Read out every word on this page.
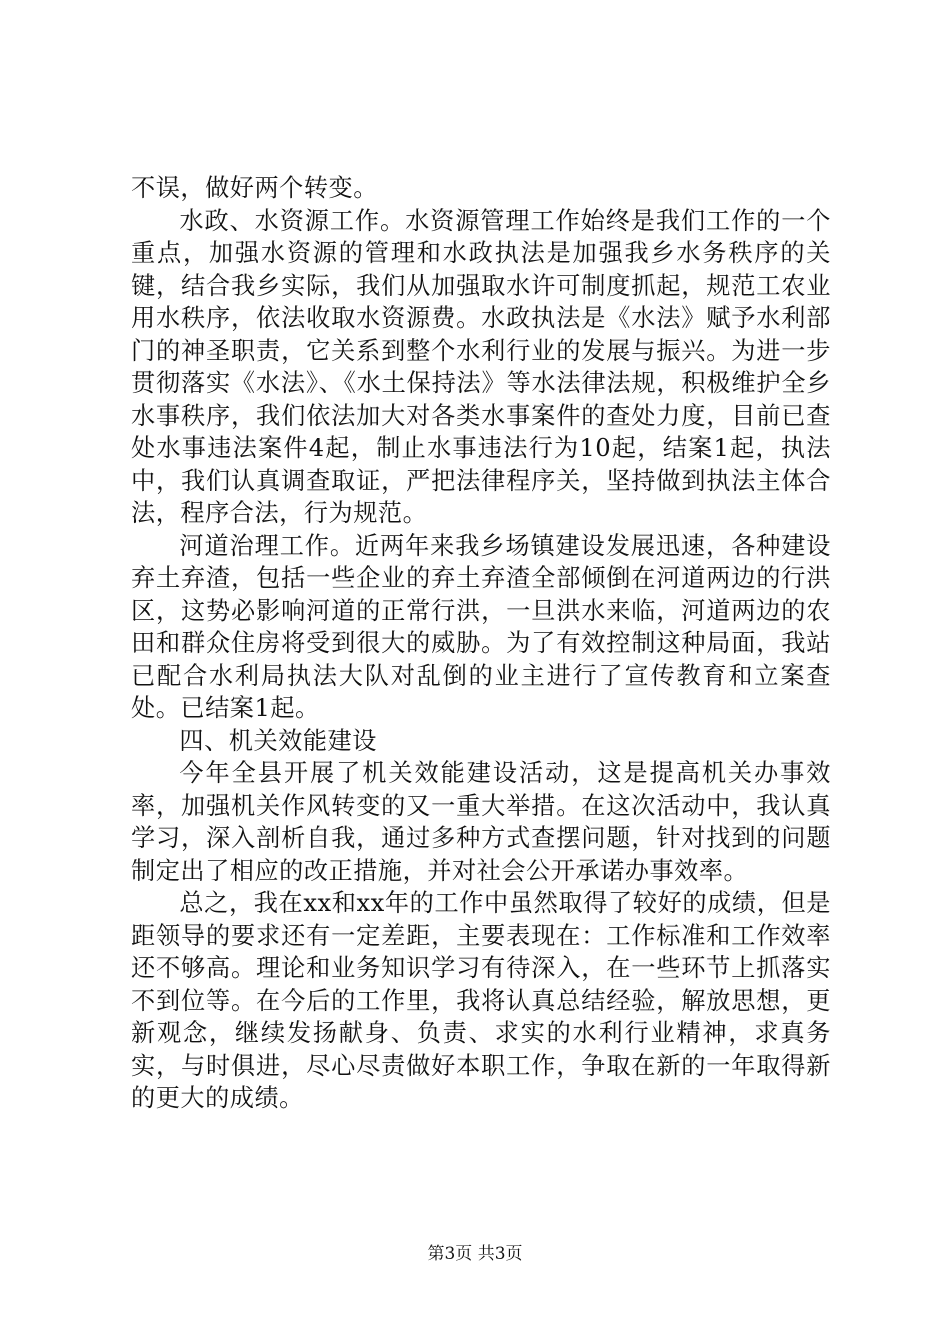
不误，做好两个转变。

水政、水资源工作。水资源管理工作始终是我们工作的一个重点，加强水资源的管理和水政执法是加强我乡水务秩序的关键，结合我乡实际，我们从加强取水许可制度抓起，规范工农业用水秩序，依法收取水资源费。水政执法是《水法》赋予水利部门的神圣职责，它关系到整个水利行业的发展与振兴。为进一步贯彻落实《水法》、《水土保持法》等水法律法规，积极维护全乡水事秩序，我们依法加大对各类水事案件的查处力度，目前已查处水事违法案件4起，制止水事违法行为10起，结案1起，执法中，我们认真调查取证，严把法律程序关，坚持做到执法主体合法，程序合法，行为规范。

河道治理工作。近两年来我乡场镇建设发展迅速，各种建设弃土弃渣，包括一些企业的弃土弃渣全部倾倒在河道两边的行洪区，这势必影响河道的正常行洪，一旦洪水来临，河道两边的农田和群众住房将受到很大的威胁。为了有效控制这种局面，我站已配合水利局执法大队对乱倒的业主进行了宣传教育和立案查处。已结案1起。

四、机关效能建设

今年全县开展了机关效能建设活动，这是提高机关办事效率，加强机关作风转变的又一重大举措。在这次活动中，我认真学习，深入剖析自我，通过多种方式查摆问题，针对找到的问题制定出了相应的改正措施，并对社会公开承诺办事效率。

总之，我在xx和xx年的工作中虽然取得了较好的成绩，但是距领导的要求还有一定差距，主要表现在：工作标准和工作效率还不够高。理论和业务知识学习有待深入，在一些环节上抓落实不到位等。在今后的工作里，我将认真总结经验，解放思想，更新观念，继续发扬献身、负责、求实的水利行业精神，求真务实，与时俱进，尽心尽责做好本职工作，争取在新的一年取得新的更大的成绩。

第3页 共3页
